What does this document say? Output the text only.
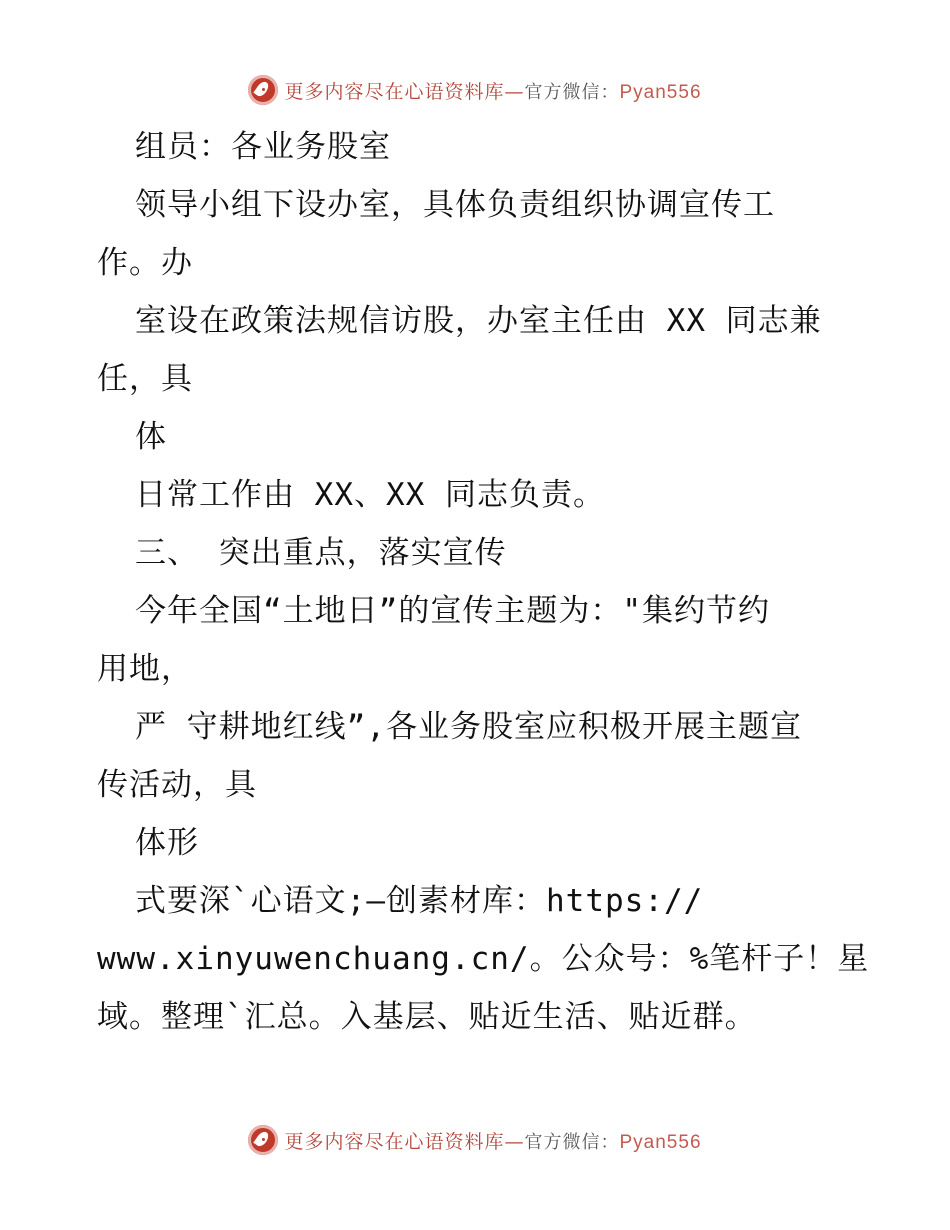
更多内容尽在心语资料库—官方微信：Pyan556
组员：各业务股室
领导小组下设办室，具体负责组织协调宣传工
作。办
室设在政策法规信访股，办室主任由 XX 同志兼
任，具
体
日常工作由 XX、XX 同志负责。
三、 突出重点，落实宣传
今年全国“土地日”的宣传主题为："集约节约
用地，
严 守耕地红线”,各业务股室应积极开展主题宣
传活动，具
体形
式要深`心语文;—创素材库：https://
www.xinyuwenchuang.cn/。公众号：%笔杆子！星
域。整理`汇总。入基层、贴近生活、贴近群。
更多内容尽在心语资料库—官方微信：Pyan556
